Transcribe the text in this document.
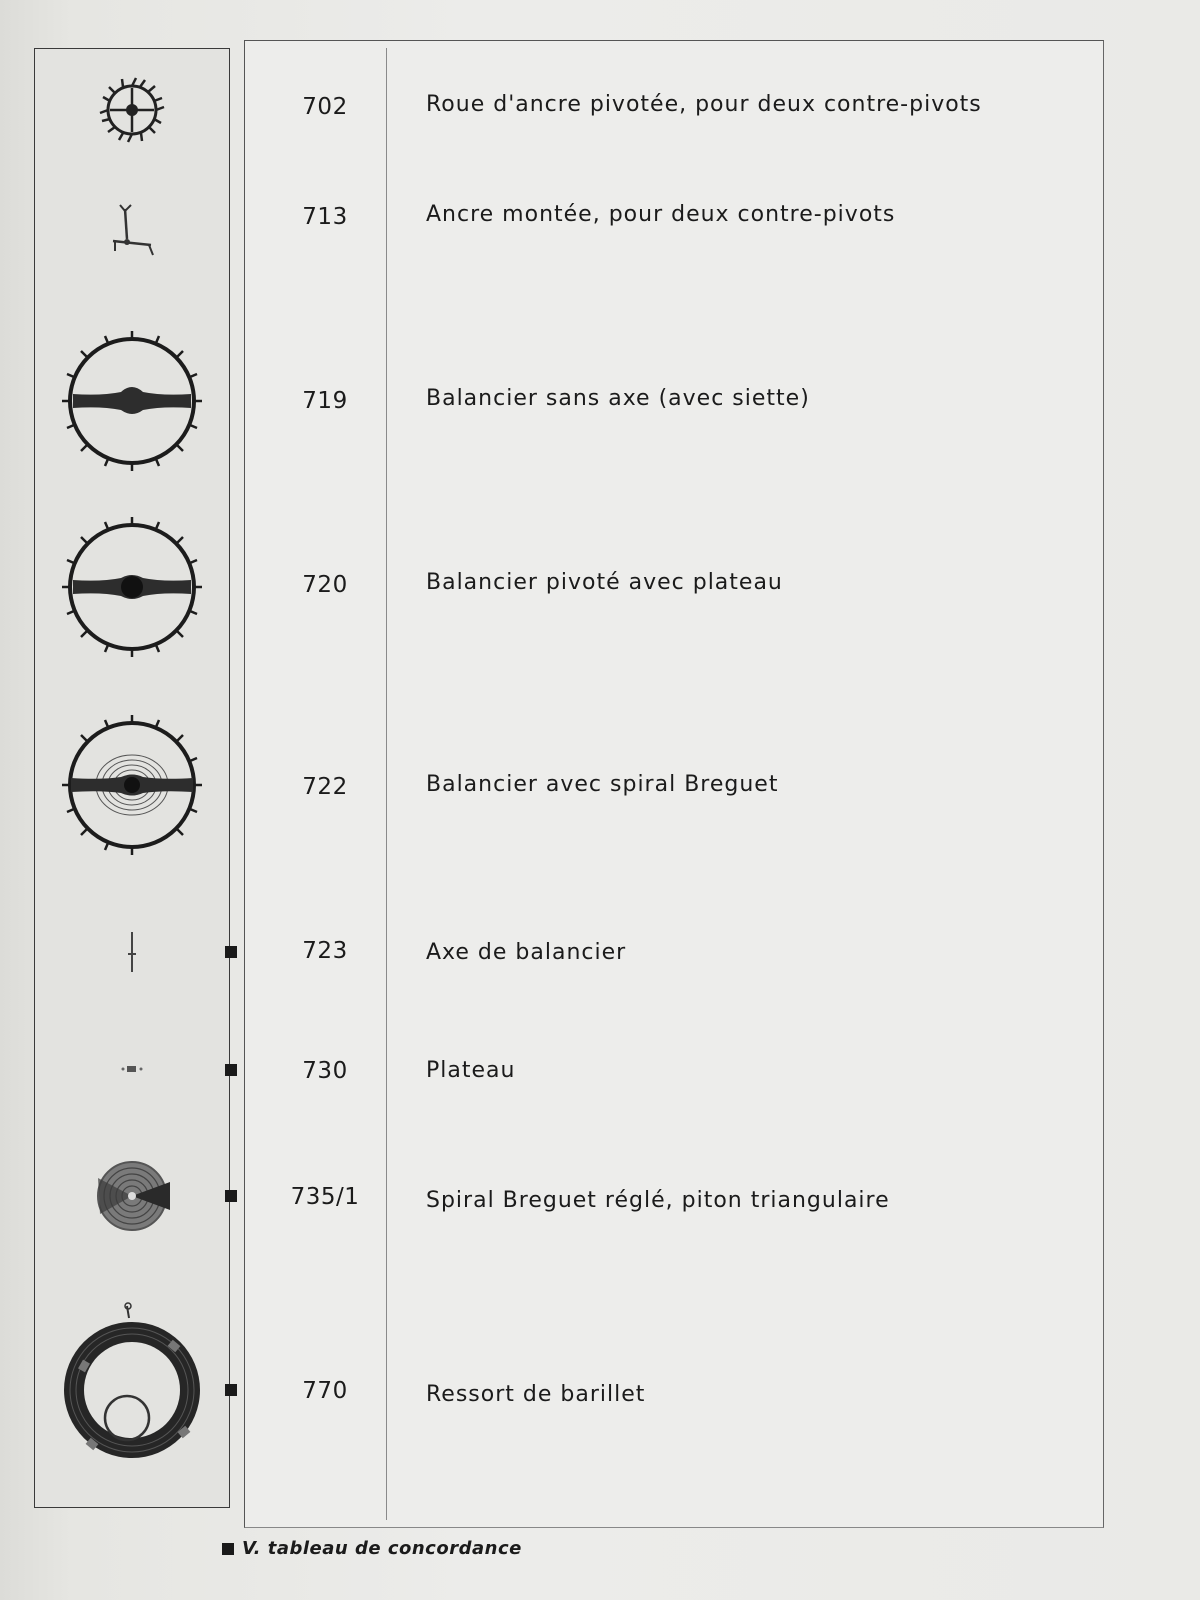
702	Roue d'ancre pivotée, pour deux contre-pivots
713	Ancre montée, pour deux contre-pivots
719	Balancier sans axe (avec siette)
720	Balancier pivoté avec plateau
722	Balancier avec spiral Breguet
723	Axe de balancier
730	Plateau
735/1	Spiral Breguet réglé, piton triangulaire
770	Ressort de barillet
V. tableau de concordance
